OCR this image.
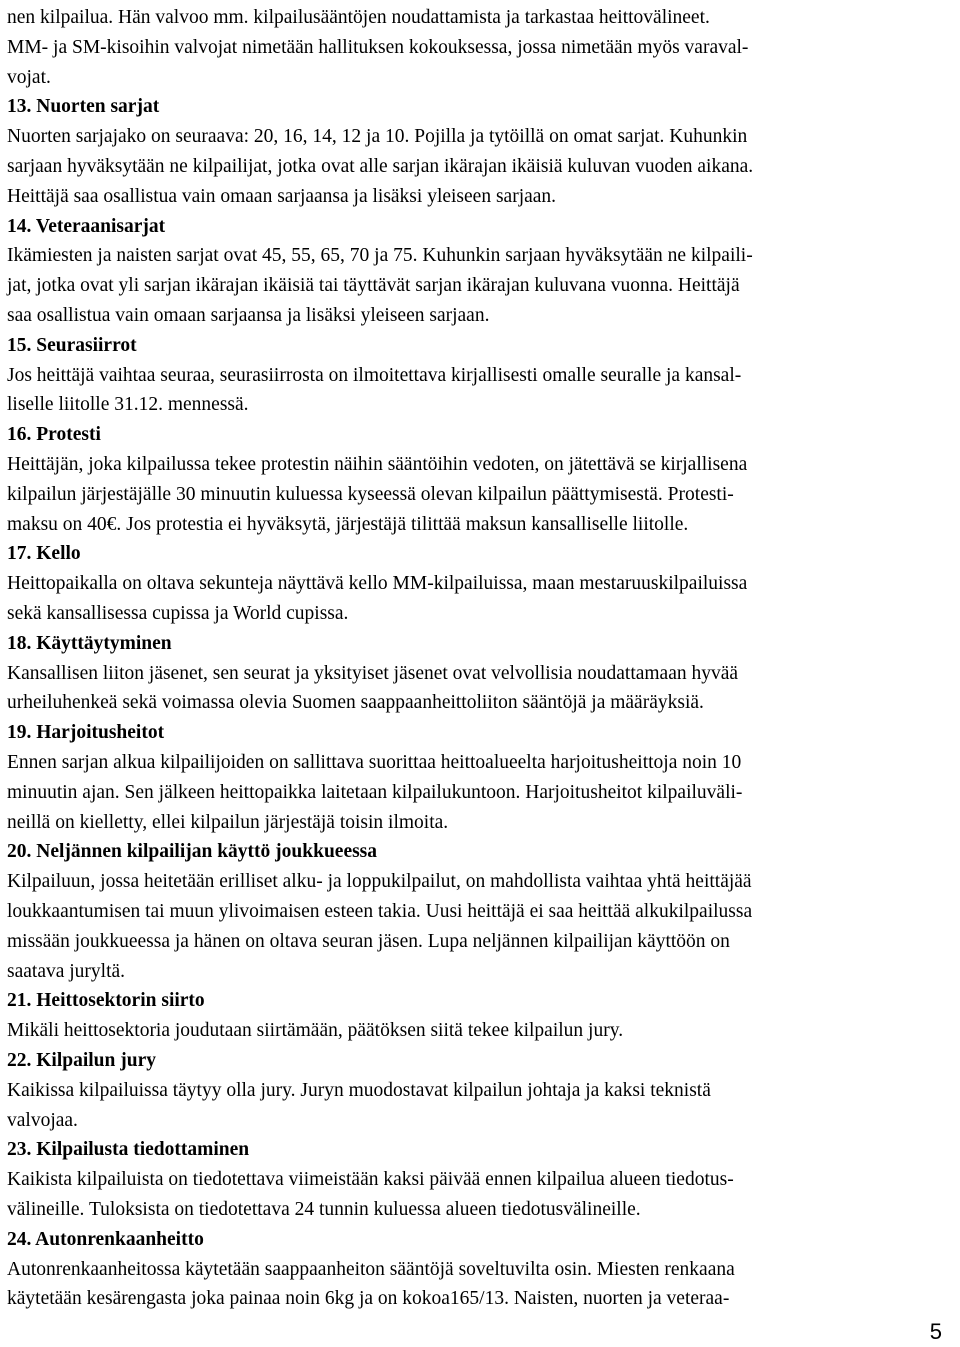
nen kilpailua. Hän valvoo mm. kilpailusääntöjen noudattamista ja tarkastaa heittovälineet.
MM- ja SM-kisoihin valvojat nimetään hallituksen kokouksessa, jossa nimetään myös varaval-
vojat.
13. Nuorten sarjat
Nuorten sarjajako on seuraava: 20, 16, 14, 12 ja 10. Pojilla ja tytöillä on omat sarjat. Kuhunkin
sarjaan hyväksytään ne kilpailijat, jotka ovat alle sarjan ikärajan ikäisiä kuluvan vuoden aikana.
Heittäjä saa osallistua vain omaan sarjaansa ja lisäksi yleiseen sarjaan.
14. Veteraanisarjat
Ikämiesten ja naisten sarjat ovat 45, 55, 65, 70 ja 75. Kuhunkin sarjaan hyväksytään ne kilpaili-
jat, jotka ovat yli sarjan ikärajan ikäisiä tai täyttävät sarjan ikärajan kuluvana vuonna. Heittäjä
saa osallistua vain omaan sarjaansa ja lisäksi yleiseen sarjaan.
15. Seurasiirrot
Jos heittäjä vaihtaa seuraa, seurasiirrosta on ilmoitettava kirjallisesti omalle seuralle ja kansal-
liselle liitolle 31.12. mennessä.
16. Protesti
Heittäjän, joka kilpailussa tekee protestin näihin sääntöihin vedoten, on jätettävä se kirjallisena
kilpailun järjestäjälle 30 minuutin kuluessa kyseessä olevan kilpailun päättymisestä. Protesti-
maksu on 40€. Jos protestia ei hyväksytä, järjestäjä tilittää maksun kansalliselle liitolle.
17. Kello
Heittopaikalla on oltava sekunteja näyttävä kello MM-kilpailuissa, maan mestaruuskilpailuissa
sekä kansallisessa cupissa ja World cupissa.
18. Käyttäytyminen
Kansallisen liiton jäsenet, sen seurat ja yksityiset jäsenet ovat velvollisia noudattamaan hyvää
urheiluhenkeä sekä voimassa olevia Suomen saappaanheittoliiton sääntöjä ja määräyksiä.
19. Harjoitusheitot
Ennen sarjan alkua kilpailijoiden on sallittava suorittaa heittoalueelta harjoitusheittoja noin 10
minuutin ajan. Sen jälkeen heittopaikka laitetaan kilpailukuntoon. Harjoitusheitot kilpailuväli-
neillä on kielletty, ellei kilpailun järjestäjä toisin ilmoita.
20. Neljännen kilpailijan käyttö joukkueessa
Kilpailuun, jossa heitetään erilliset alku- ja loppukilpailut, on mahdollista vaihtaa yhtä heittäjää
loukkaantumisen tai muun ylivoimaisen esteen takia. Uusi heittäjä ei saa heittää alkukilpailussa
missään joukkueessa ja hänen on oltava seuran jäsen. Lupa neljännen kilpailijan käyttöön on
saatava juryltä.
21. Heittosektorin siirto
Mikäli heittosektoria joudutaan siirtämään, päätöksen siitä tekee kilpailun jury.
22. Kilpailun jury
Kaikissa kilpailuissa täytyy olla jury. Juryn muodostavat kilpailun johtaja ja kaksi teknistä
valvojaa.
23. Kilpailusta tiedottaminen
Kaikista kilpailuista on tiedotettava viimeistään kaksi päivää ennen kilpailua alueen tiedotus-
välineille. Tuloksista on tiedotettava 24 tunnin kuluessa alueen tiedotusvälineille.
24. Autonrenkaanheitto
Autonrenkaanheitossa käytetään saappaanheiton sääntöjä soveltuvilta osin. Miesten renkaana
käytetään kesärengasta joka painaa noin 6kg ja on kokoa165/13. Naisten, nuorten ja veteraa-
5
